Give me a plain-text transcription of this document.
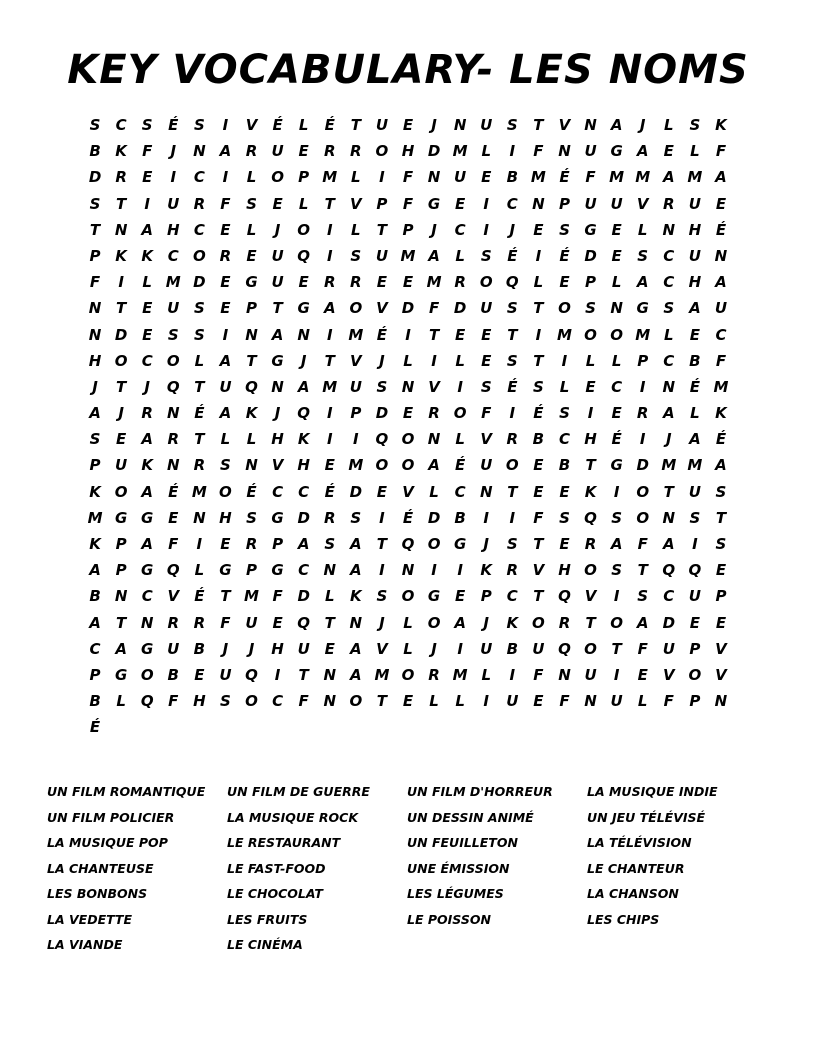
KEY VOCABULARY- LES NOMS
S	C	S	É	S	I	V	É	L	É	T U E	J	N U S	T	V N A	J	L	S K
B K	F	J	N A R U E	R R O H D M L	I	F N U G A	E	L	F
D R	E	I	C	I	L O P M L	I	F N U E	B M É	F M M A M A
S	T	I	U R	F	S	E	L	T	V P	F G E	I	C N P U U V R U E
T N A H C	E	L	J	O	I	L	T	P	J	C	I	J	E	S G E	L	N H É
P K K C O R	E U Q	I	S U M A	L	S	É	I	É D E	S	C U N
F	I	L M D E G U E	R R	E	E M R O Q L	E	P	L	A C H A
N T	E U S	E	P	T G A O V D F D U S	T O S N G S A U
N D E	S	S	I	N A N	I	M É	I	T	E	E	T	I	M O O M L	E	C
H O C O L	A	T G	J	T	V	J	L	I	L	E	S	T	I	L	L	P	C B	F
J	T	J	Q T U Q N A M U S N V	I	S	É	S	L	E	C	I	N É M
A	J	R N É	A K	J	Q	I	P D E	R O F	I	É	S	I	E	R A	L	K
S	E	A R	T	L	L	H K	I	I	Q O N	L	V R B C H É	I	J	A	É
P U K N R S N V H E M O O A	É U O E	B	T G D M M A
K O A	É M O É	C	C	É D E	V	L	C N T	E	E	K	I	O T U S
M G G E N H S G D R S	I	É D B	I	I	F	S Q S O N S	T
K P A	F	I	E	R P A S A	T Q O G	J	S	T	E	R A	F	A	I	S
A P G Q L	G P G C N A	I	N	I	I	K R V H O S	T Q Q E
B N C V	É	T M F D	L	K S O G E	P	C	T Q V	I	S	C U P
A	T N R R	F U E Q T N	J	L O A	J	K O R	T O A D E	E
C A G U B	J	J	H U E	A V	L	J	I	U B U Q O T	F U P V
P G O B	E U Q	I	T N A M O R M L	I	F N U	I	E	V O V
B	L Q F H S O C	F N O T	E	L	L	I	U E	F N U	L	F	P N
É
UN FILM ROMANTIQUE	UN FILM DE GUERRE	UN FILM D'HORREUR	LA MUSIQUE INDIE
UN FILM POLICIER	LA MUSIQUE ROCK	UN DESSIN ANIMÉ	UN JEU TÉLÉVISÉ
LA MUSIQUE POP	LE RESTAURANT	UN FEUILLETON	LA TÉLÉVISION
LA CHANTEUSE	LE FAST-FOOD	UNE ÉMISSION	LE CHANTEUR
LES BONBONS	LE CHOCOLAT	LES LÉGUMES	LA CHANSON
LA VEDETTE	LES FRUITS	LE POISSON	LES CHIPS
LA VIANDE	LE CINÉMA
